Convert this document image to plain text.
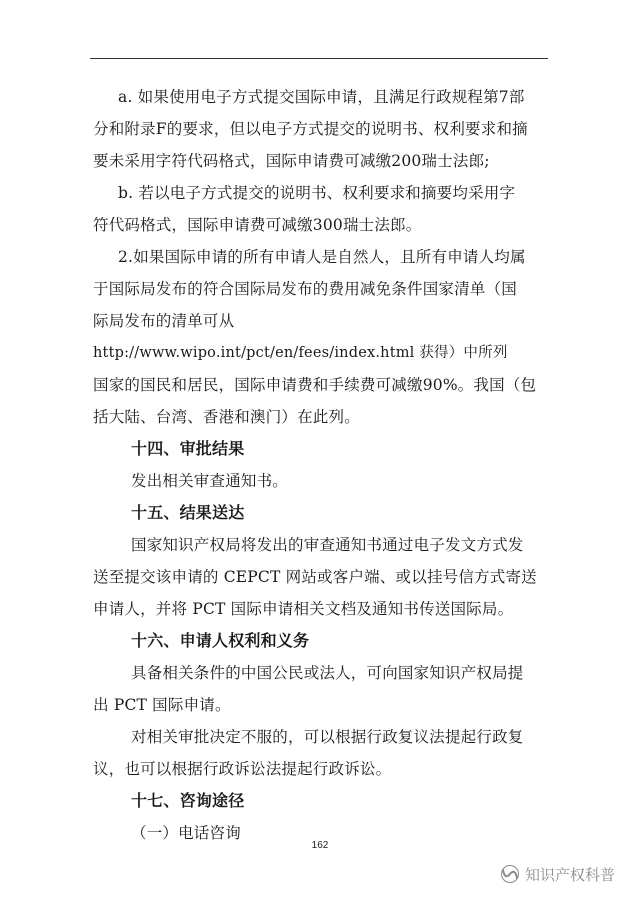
a. 如果使用电子方式提交国际申请，且满足行政规程第7部
分和附录F的要求，但以电子方式提交的说明书、权利要求和摘
要未采用字符代码格式，国际申请费可减缴200瑞士法郎;
b. 若以电子方式提交的说明书、权利要求和摘要均采用字
符代码格式，国际申请费可减缴300瑞士法郎。
2.如果国际申请的所有申请人是自然人，且所有申请人均属
于国际局发布的符合国际局发布的费用减免条件国家清单（国
际局发布的清单可从
http://www.wipo.int/pct/en/fees/index.html 获得）中所列
国家的国民和居民，国际申请费和手续费可减缴90%。我国（包
括大陆、台湾、香港和澳门）在此列。
十四、审批结果
发出相关审查通知书。
十五、结果送达
国家知识产权局将发出的审查通知书通过电子发文方式发
送至提交该申请的 CEPCT 网站或客户端、或以挂号信方式寄送
申请人，并将 PCT 国际申请相关文档及通知书传送国际局。
十六、申请人权利和义务
具备相关条件的中国公民或法人，可向国家知识产权局提
出 PCT 国际申请。
对相关审批决定不服的，可以根据行政复议法提起行政复
议，也可以根据行政诉讼法提起行政诉讼。
十七、咨询途径
（一）电话咨询
162
知识产权科普
